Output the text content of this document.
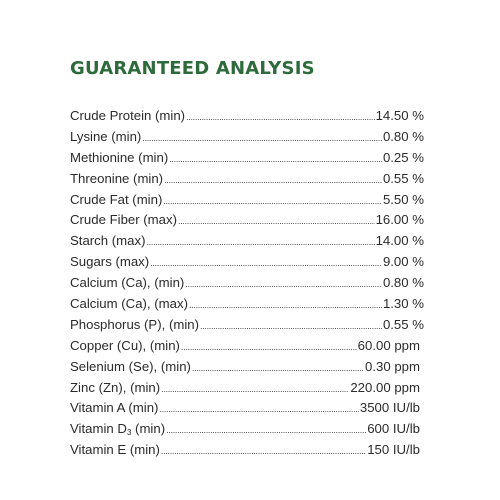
GUARANTEED ANALYSIS
Crude Protein (min) .....	14.50 %
Lysine (min) .....	0.80 %
Methionine (min) .....	0.25 %
Threonine (min) .....	0.55 %
Crude Fat (min) .....	5.50 %
Crude Fiber (max) .....	16.00 %
Starch (max) .....	14.00 %
Sugars (max) .....	9.00 %
Calcium (Ca), (min) .....	0.80 %
Calcium (Ca), (max) .....	1.30 %
Phosphorus (P), (min) .....	0.55 %
Copper (Cu), (min) .....	60.00 ppm
Selenium (Se), (min) .....	0.30 ppm
Zinc (Zn), (min) .....	220.00 ppm
Vitamin A (min) .....	3500 IU/lb
Vitamin $D_3$ (min) .....	600 IU/lb
Vitamin E (min) .....	150 IU/lb
